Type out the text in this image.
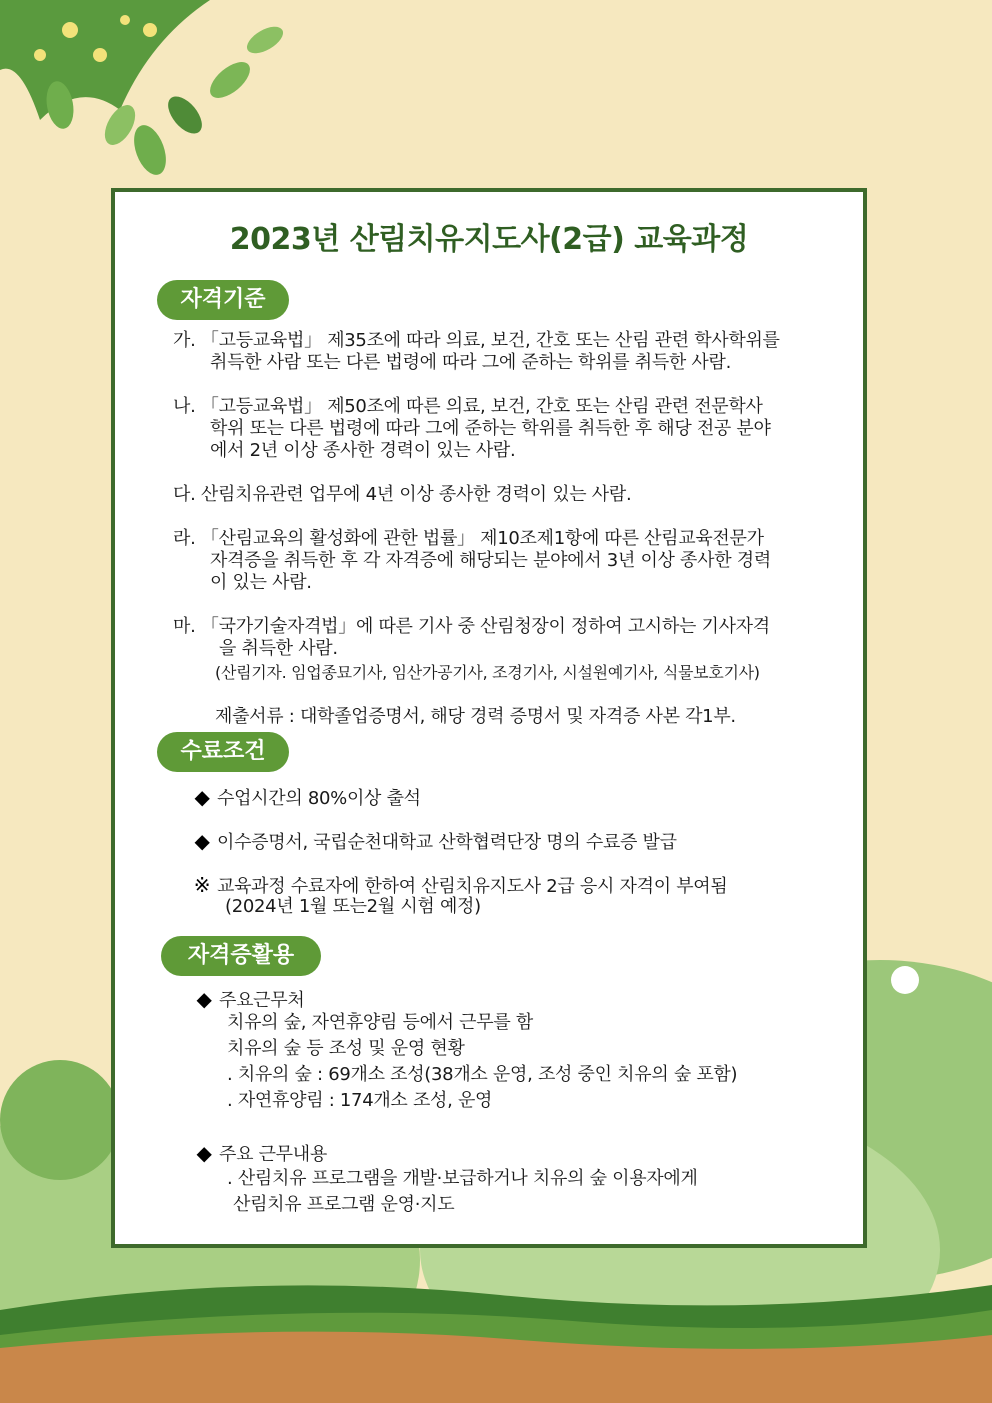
2023년 산림치유지도사(2급) 교육과정
자격기준
가. 「고등교육법」 제35조에 따라 의료, 보건, 간호 또는 산림 관련 학사학위를
취득한 사람 또는 다른 법령에 따라 그에 준하는 학위를 취득한 사람.
나. 「고등교육법」 제50조에 따른 의료, 보건, 간호 또는 산림 관련 전문학사
학위 또는 다른 법령에 따라 그에 준하는 학위를 취득한 후 해당 전공 분야
에서 2년 이상 종사한 경력이 있는 사람.
다. 산림치유관련 업무에 4년 이상 종사한 경력이 있는 사람.
라. 「산림교육의 활성화에 관한 법률」 제10조제1항에 따른 산림교육전문가
자격증을 취득한 후 각 자격증에 해당되는 분야에서 3년 이상 종사한 경력
이 있는 사람.
마. 「국가기술자격법」에 따른 기사 중 산림청장이 정하여 고시하는 기사자격
을 취득한 사람.
(산림기자. 임업종묘기사, 임산가공기사, 조경기사, 시설원예기사, 식물보호기사)
제출서류 : 대학졸업증명서, 해당 경력 증명서 및 자격증 사본 각1부.
수료조건
◆ 수업시간의 80%이상 출석
◆ 이수증명서, 국립순천대학교 산학협력단장 명의 수료증 발급
※ 교육과정 수료자에 한하여 산림치유지도사 2급 응시 자격이 부여됨
(2024년 1월 또는2월 시험 예정)
자격증활용
◆ 주요근무처
치유의 숲, 자연휴양림 등에서 근무를 함
치유의 숲 등 조성 및 운영 현황
. 치유의 숲 : 69개소 조성(38개소 운영, 조성 중인 치유의 숲 포함)
. 자연휴양림 : 174개소 조성, 운영
◆ 주요 근무내용
. 산림치유 프로그램을 개발·보급하거나 치유의 숲 이용자에게
산림치유 프로그램 운영·지도
